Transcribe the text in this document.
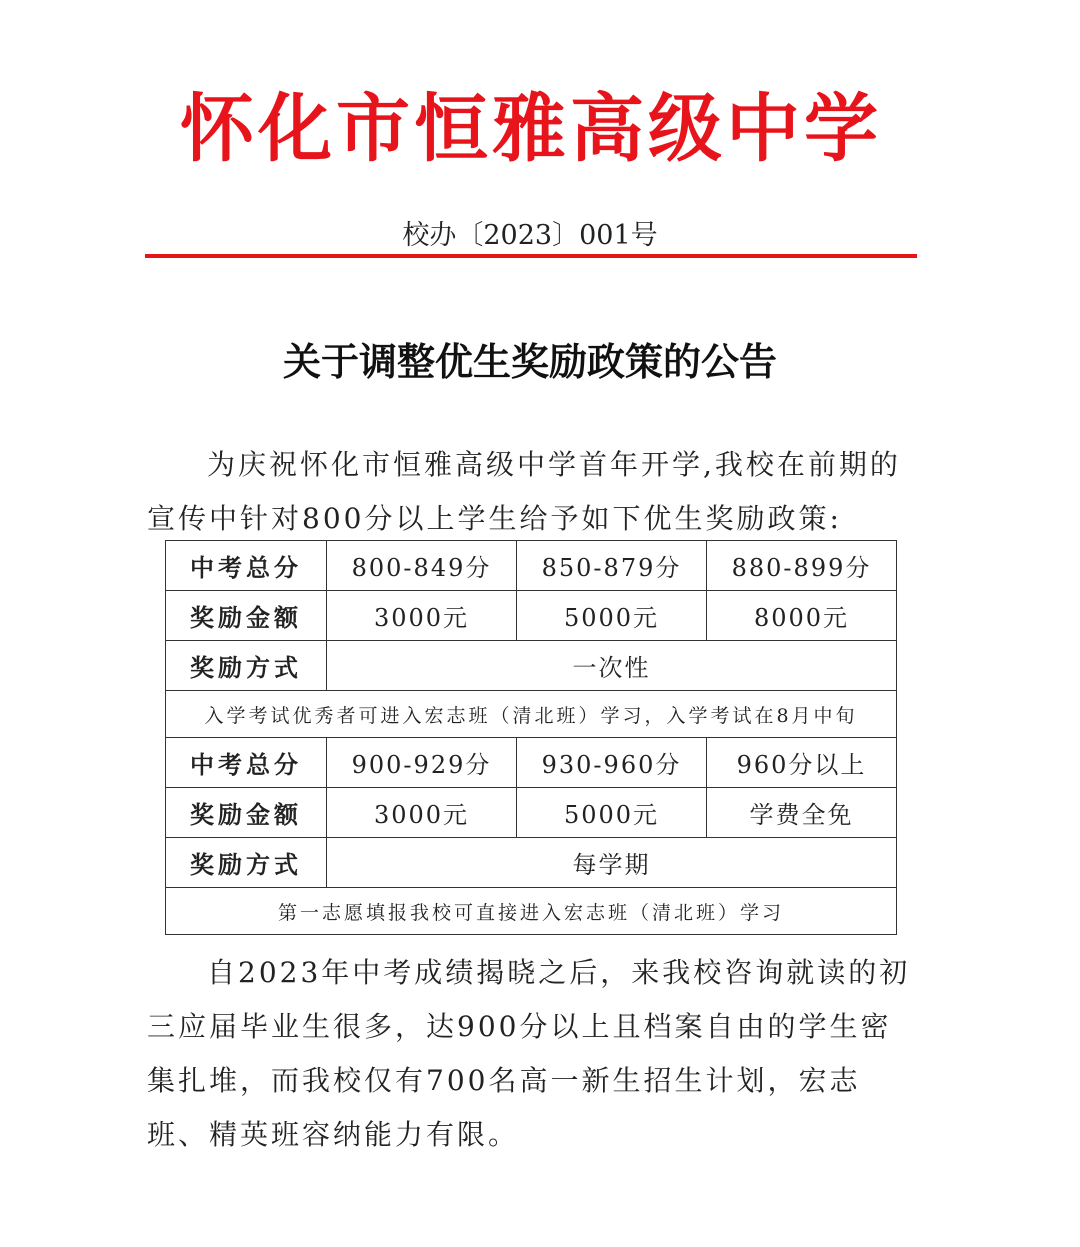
怀化市恒雅高级中学
校办〔2023〕001号
关于调整优生奖励政策的公告

为庆祝怀化市恒雅高级中学首年开学,我校在前期的宣传中针对800分以上学生给予如下优生奖励政策:

中考总分	800-849分	850-879分	880-899分
奖励金额	3000元	5000元	8000元
奖励方式	一次性		
入学考试优秀者可进入宏志班（清北班）学习，入学考试在8月中旬			
中考总分	900-929分	930-960分	960分以上
奖励金额	3000元	5000元	学费全免
奖励方式	每学期		
第一志愿填报我校可直接进入宏志班（清北班）学习			

自2023年中考成绩揭晓之后，来我校咨询就读的初三应届毕业生很多，达900分以上且档案自由的学生密集扎堆，而我校仅有700名高一新生招生计划，宏志班、精英班容纳能力有限。
